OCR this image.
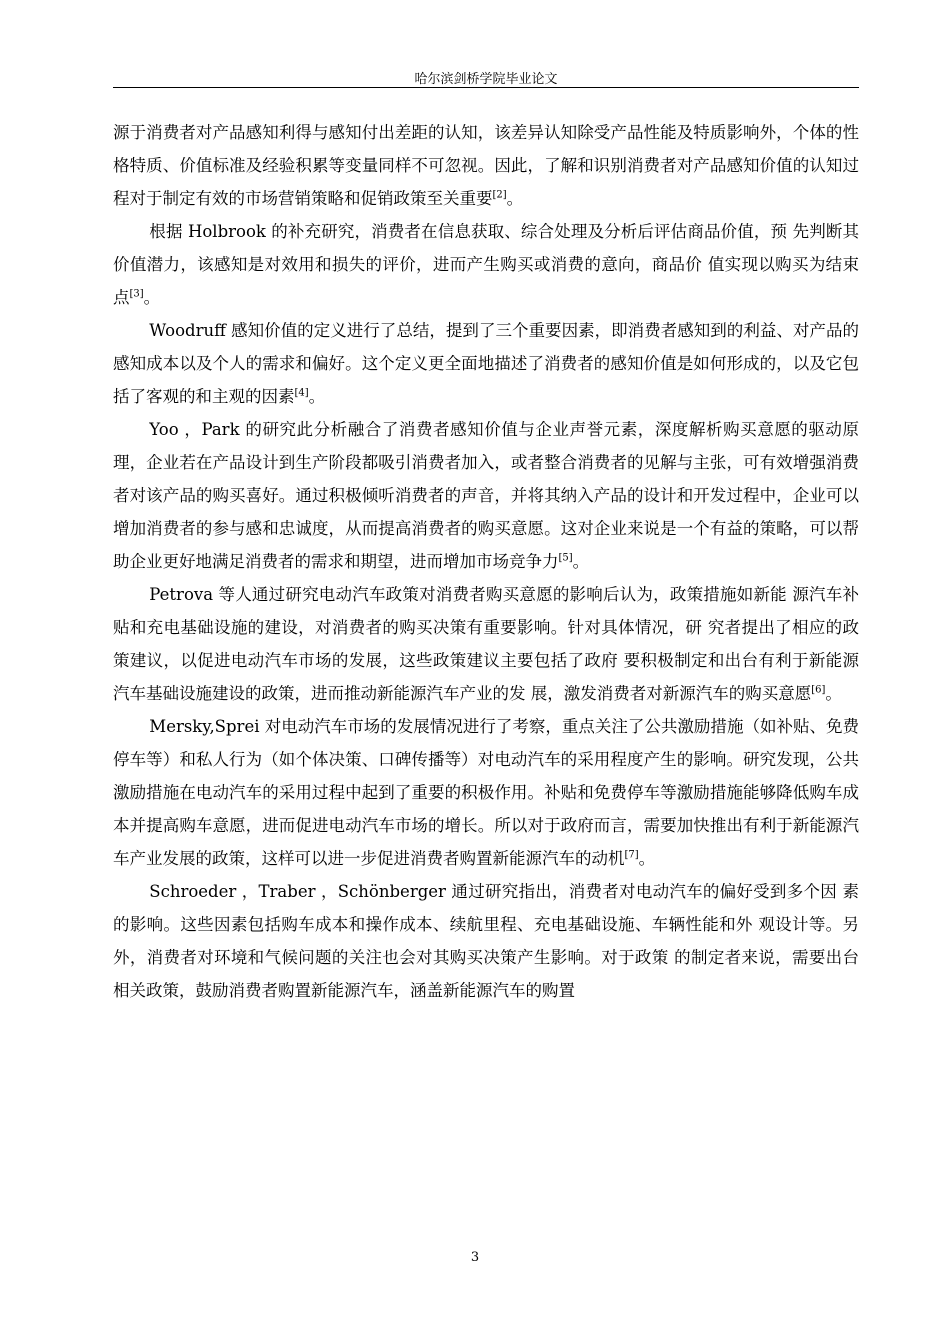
哈尔滨剑桥学院毕业论文

源于消费者对产品感知利得与感知付出差距的认知，该差异认知除受产品性能及特质影响外，个体的性格特质、价值标准及经验积累等变量同样不可忽视。因此，了解和识别消费者对产品感知价值的认知过程对于制定有效的市场营销策略和促销政策至关重要[2]。

根据 Holbrook 的补充研究，消费者在信息获取、综合处理及分析后评估商品价值，预 先判断其价值潜力，该感知是对效用和损失的评价，进而产生购买或消费的意向，商品价 值实现以购买为结束点[3]。

Woodruff 感知价值的定义进行了总结，提到了三个重要因素，即消费者感知到的利益、对产品的感知成本以及个人的需求和偏好。这个定义更全面地描述了消费者的感知价值是如何形成的，以及它包括了客观的和主观的因素[4]。

Yoo ，Park 的研究此分析融合了消费者感知价值与企业声誉元素，深度解析购买意愿的驱动原理，企业若在产品设计到生产阶段都吸引消费者加入，或者整合消费者的见解与主张，可有效增强消费者对该产品的购买喜好。通过积极倾听消费者的声音，并将其纳入产品的设计和开发过程中，企业可以增加消费者的参与感和忠诚度，从而提高消费者的购买意愿。这对企业来说是一个有益的策略，可以帮助企业更好地满足消费者的需求和期望，进而增加市场竞争力[5]。

Petrova 等人通过研究电动汽车政策对消费者购买意愿的影响后认为，政策措施如新能 源汽车补贴和充电基础设施的建设，对消费者的购买决策有重要影响。针对具体情况，研 究者提出了相应的政策建议，以促进电动汽车市场的发展，这些政策建议主要包括了政府 要积极制定和出台有利于新能源汽车基础设施建设的政策，进而推动新能源汽车产业的发 展，激发消费者对新源汽车的购买意愿[6]。

Mersky,Sprei 对电动汽车市场的发展情况进行了考察，重点关注了公共激励措施（如补贴、免费停车等）和私人行为（如个体决策、口碑传播等）对电动汽车的采用程度产生的影响。研究发现，公共激励措施在电动汽车的采用过程中起到了重要的积极作用。补贴和免费停车等激励措施能够降低购车成本并提高购车意愿，进而促进电动汽车市场的增长。所以对于政府而言，需要加快推出有利于新能源汽车产业发展的政策，这样可以进一步促进消费者购置新能源汽车的动机[7]。

Schroeder ，Traber ，Schönberger 通过研究指出，消费者对电动汽车的偏好受到多个因 素的影响。这些因素包括购车成本和操作成本、续航里程、充电基础设施、车辆性能和外 观设计等。另外，消费者对环境和气候问题的关注也会对其购买决策产生影响。对于政策 的制定者来说，需要出台相关政策，鼓励消费者购置新能源汽车，涵盖新能源汽车的购置

3
